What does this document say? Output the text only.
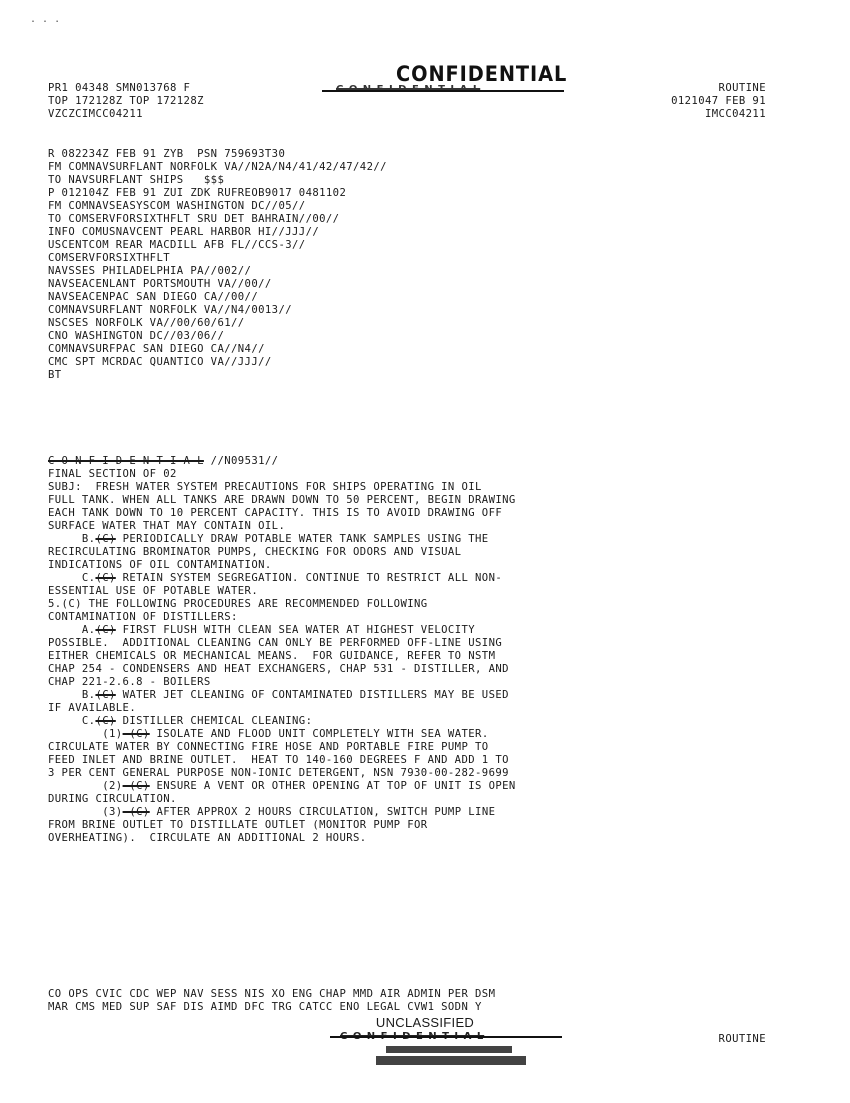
. . .
PR1 04348 SMN013768 F
TOP 172128Z TOP 172128Z
VZCZCIMCC04211
ROUTINE
0121047 FEB 91
IMCC04211
CONFIDENTIAL
R 082234Z FEB 91 ZYB  PSN 759693T30
FM COMNAVSURFLANT NORFOLK VA//N2A/N4/41/42/47/42//
TO NAVSURFLANT SHIPS   $$$
P 012104Z FEB 91 ZUI ZDK RUFREOB9017 0481102
FM COMNAVSEASYSCOM WASHINGTON DC//05//
TO COMSERVFORSIXTHFLT SRU DET BAHRAIN//00//
INFO COMUSNAVCENT PEARL HARBOR HI//JJJ//
USCENTCOM REAR MACDILL AFB FL//CCS-3//
COMSERVFORSIXTHFLT
NAVSSES PHILADELPHIA PA//002//
NAVSEACENLANT PORTSMOUTH VA//00//
NAVSEACENPAC SAN DIEGO CA//00//
COMNAVSURFLANT NORFOLK VA//N4/0013//
NSCSES NORFOLK VA//00/60/61//
CNO WASHINGTON DC//03/06//
COMNAVSURFPAC SAN DIEGO CA//N4//
CMC SPT MCRDAC QUANTICO VA//JJJ//
BT
C O N F I D E N T I A L //N09531//
FINAL SECTION OF 02
SUBJ:  FRESH WATER SYSTEM PRECAUTIONS FOR SHIPS OPERATING IN OIL
FULL TANK. WHEN ALL TANKS ARE DRAWN DOWN TO 50 PERCENT, BEGIN DRAWING
EACH TANK DOWN TO 10 PERCENT CAPACITY. THIS IS TO AVOID DRAWING OFF
SURFACE WATER THAT MAY CONTAIN OIL.
B.(C) PERIODICALLY DRAW POTABLE WATER TANK SAMPLES USING THE
RECIRCULATING BROMINATOR PUMPS, CHECKING FOR ODORS AND VISUAL
INDICATIONS OF OIL CONTAMINATION.
C.(C) RETAIN SYSTEM SEGREGATION. CONTINUE TO RESTRICT ALL NON-
ESSENTIAL USE OF POTABLE WATER.
5.(C) THE FOLLOWING PROCEDURES ARE RECOMMENDED FOLLOWING
CONTAMINATION OF DISTILLERS:
A.(C) FIRST FLUSH WITH CLEAN SEA WATER AT HIGHEST VELOCITY
POSSIBLE.  ADDITIONAL CLEANING CAN ONLY BE PERFORMED OFF-LINE USING
EITHER CHEMICALS OR MECHANICAL MEANS.  FOR GUIDANCE, REFER TO NSTM
CHAP 254 - CONDENSERS AND HEAT EXCHANGERS, CHAP 531 - DISTILLER, AND
CHAP 221-2.6.8 - BOILERS
B.(C) WATER JET CLEANING OF CONTAMINATED DISTILLERS MAY BE USED
IF AVAILABLE.
C.(C) DISTILLER CHEMICAL CLEANING:
(1) (C) ISOLATE AND FLOOD UNIT COMPLETELY WITH SEA WATER.
CIRCULATE WATER BY CONNECTING FIRE HOSE AND PORTABLE FIRE PUMP TO
FEED INLET AND BRINE OUTLET.  HEAT TO 140-160 DEGREES F AND ADD 1 TO
3 PER CENT GENERAL PURPOSE NON-IONIC DETERGENT, NSN 7930-00-282-9699
(2) (C) ENSURE A VENT OR OTHER OPENING AT TOP OF UNIT IS OPEN
DURING CIRCULATION.
(3) (C) AFTER APPROX 2 HOURS CIRCULATION, SWITCH PUMP LINE
FROM BRINE OUTLET TO DISTILLATE OUTLET (MONITOR PUMP FOR
OVERHEATING).  CIRCULATE AN ADDITIONAL 2 HOURS.
CO OPS CVIC CDC WEP NAV SESS NIS XO ENG CHAP MMD AIR ADMIN PER DSM
MAR CMS MED SUP SAF DIS AIMD DFC TRG CATCC ENO LEGAL CVW1 SODN Y
UNCLASSIFIED
ROUTINE
